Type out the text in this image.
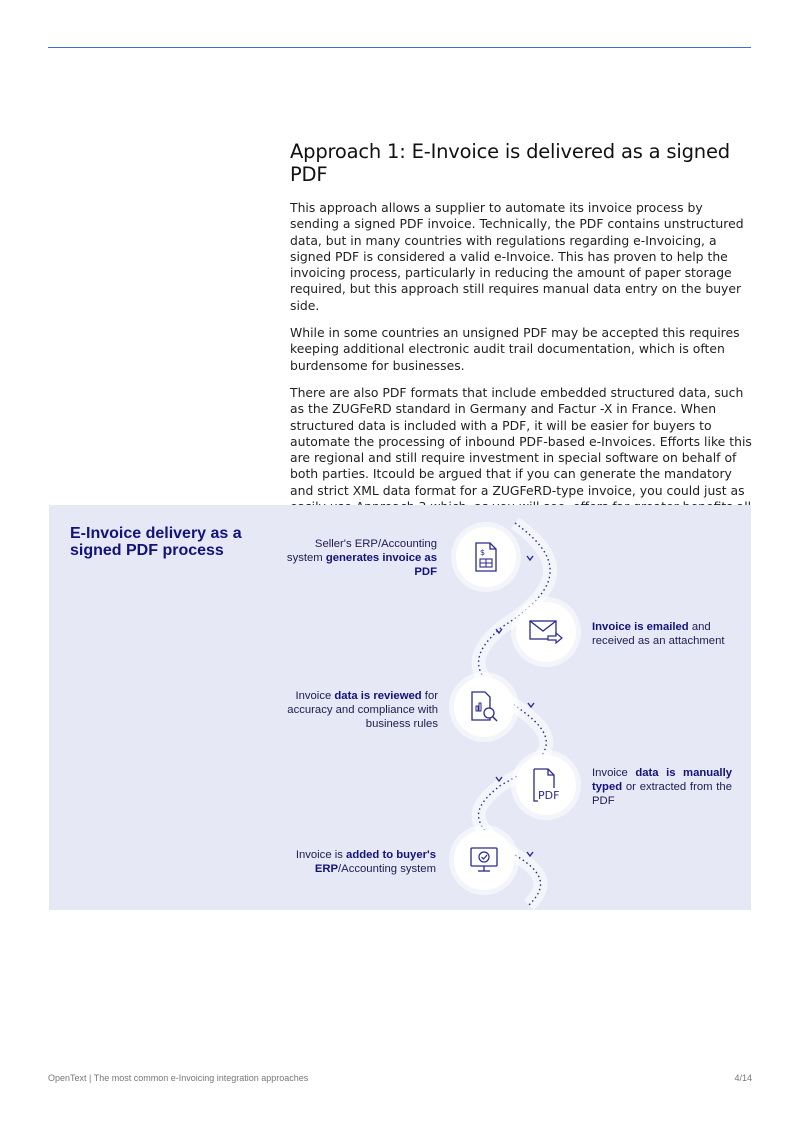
Approach 1: E-Invoice is delivered as a signed PDF

This approach allows a supplier to automate its invoice process by sending a signed PDF invoice. Technically, the PDF contains unstructured data, but in many countries with regulations regarding e-Invoicing, a signed PDF is considered a valid e-Invoice. This has proven to help the invoicing process, particularly in reducing the amount of paper storage required, but this approach still requires manual data entry on the buyer side.

While in some countries an unsigned PDF may be accepted this requires keeping additional electronic audit trail documentation, which is often burdensome for businesses.

There are also PDF formats that include embedded structured data, such as the ZUGFeRD standard in Germany and Factur -X in France. When structured data is included with a PDF, it will be easier for buyers to automate the processing of inbound PDF-based e-Invoices. Efforts like this are regional and still require investment in special software on behalf of both parties. Itcould be argued that if you can generate the mandatory and strict XML data format for a ZUGFeRD-type invoice, you could just as

E-Invoice delivery as a signed PDF process	$
Seller's ERP/Accounting system generates invoice as PDF
Invoice is emailed and received as an attachment
Invoice data is reviewed for accuracy and compliance with business rules
PDF
Invoice data is manually typed or extracted from the PDF
Invoice is added to buyer's ERP/Accounting system
OpenText | The most common e-Invoicing integration approaches	4/14
